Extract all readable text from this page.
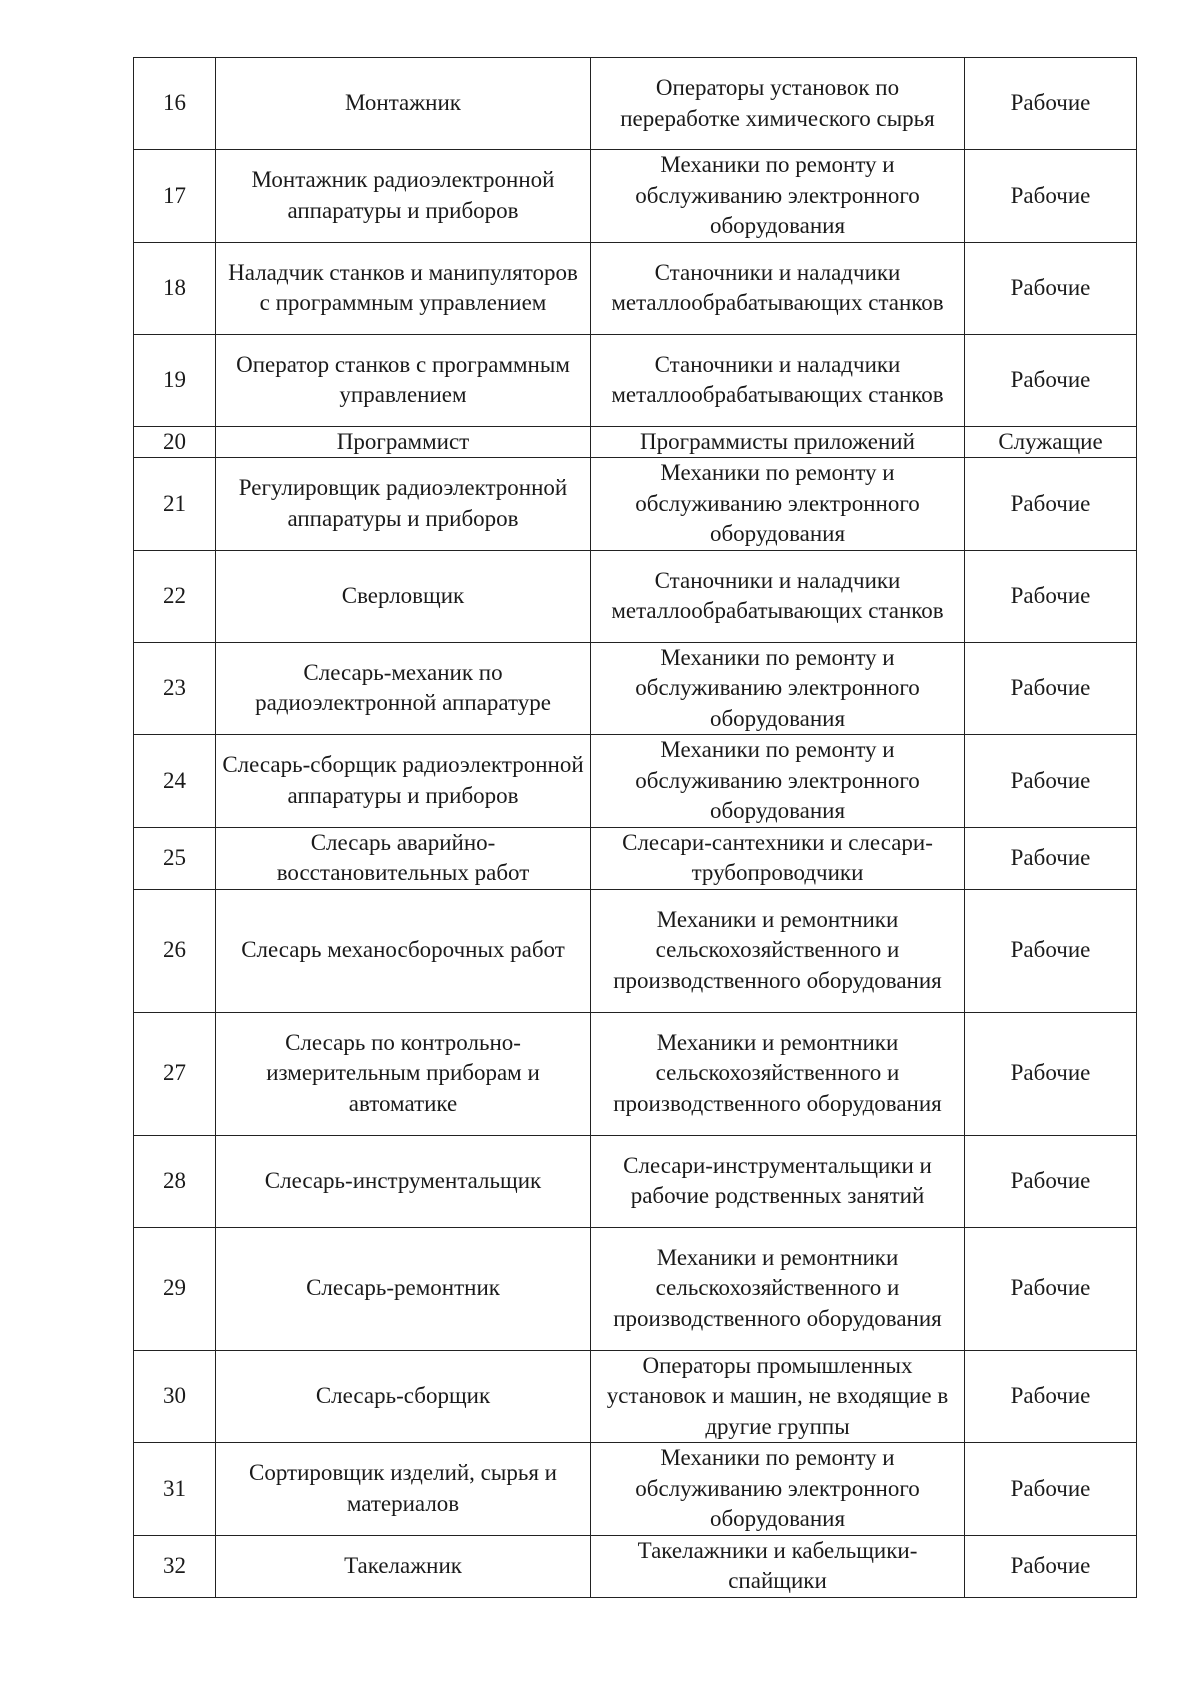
16	Монтажник	Операторы установок по переработке химического сырья	Рабочие
17	Монтажник радиоэлектронной аппаратуры и приборов	Механики по ремонту и обслуживанию электронного оборудования	Рабочие
18	Наладчик станков и манипуляторов с программным управлением	Станочники и наладчики металлообрабатывающих станков	Рабочие
19	Оператор станков с программным управлением	Станочники и наладчики металлообрабатывающих станков	Рабочие
20	Программист	Программисты приложений	Служащие
21	Регулировщик радиоэлектронной аппаратуры и приборов	Механики по ремонту и обслуживанию электронного оборудования	Рабочие
22	Сверловщик	Станочники и наладчики металлообрабатывающих станков	Рабочие
23	Слесарь-механик по радиоэлектронной аппаратуре	Механики по ремонту и обслуживанию электронного оборудования	Рабочие
24	Слесарь-сборщик радиоэлектронной аппаратуры и приборов	Механики по ремонту и обслуживанию электронного оборудования	Рабочие
25	Слесарь аварийно-восстановительных работ	Слесари-сантехники и слесари-трубопроводчики	Рабочие
26	Слесарь механосборочных работ	Механики и ремонтники сельскохозяйственного и производственного оборудования	Рабочие
27	Слесарь по контрольно-измерительным приборам и автоматике	Механики и ремонтники сельскохозяйственного и производственного оборудования	Рабочие
28	Слесарь-инструментальщик	Слесари-инструментальщики и рабочие родственных занятий	Рабочие
29	Слесарь-ремонтник	Механики и ремонтники сельскохозяйственного и производственного оборудования	Рабочие
30	Слесарь-сборщик	Операторы промышленных установок и машин, не входящие в другие группы	Рабочие
31	Сортировщик изделий, сырья и материалов	Механики по ремонту и обслуживанию электронного оборудования	Рабочие
32	Такелажник	Такелажники и кабельщики-спайщики	Рабочие
